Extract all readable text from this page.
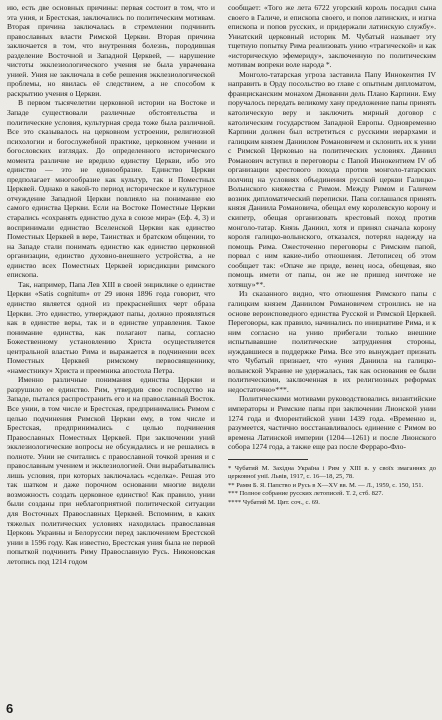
ию, есть две основных причины: первая состоит в том, что и эта уния, и Брестская, заключались по политическим мотивам. Вторая причина заключалась в стремлении подчинить православных власти Римской Церкви. Вторая причина заключается в том, что внутренняя болезнь, породившая разделение Восточной и Западной Церквей, — нарушение чистоты экклезиологического учения не была уврачевана унией. Уния не заключала в себе решения экклезиологической проблемы, но явилась её следствием, а не способом к раскрытию учения о Церкви.

В первом тысячелетии церковной истории на Востоке и Западе существовали различные обстоятельства и политические условия, культурная среда тоже была различной. Все это сказывалось на церковном устроении, религиозной психологии и богослужебной практике, церковном учении и богословских взглядах. До определенного исторического момента различие не вредило единству Церкви, ибо это единство — это не единообразие. Единство Церкви предполагает многообразие как культур, так и Поместных Церквей. Однако в какой-то период историческое и культурное отчуждение Западной Церкви повлияло на понимание ею самого единства Церкви. Если на Востоке Поместные Церкви старались «сохранять единство духа в союзе мира» (Еф. 4, 3) и воспринимали единство Вселенской Церкви как единство Поместных Церквей в вере, Таинствах и братском общении, то на Западе стали понимать единство как единство церковной организации, единство духовно-внешнего устройства, а не единство всех Поместных Церквей юрисдикции римского епископа.

Так, например, Папа Лев XIII в своей энциклике о единстве Церкви «Satis cognitum» от 29 июня 1896 года говорит, что единство является одной из прекраснейших черт образа Церкви. Это единство, утверждают папы, должно проявляться как в единстве веры, так и в единстве управления. Такое понимание единства, как полагают папы, согласно Божественному установлению Христа осуществляется центральной властью Рима и выражается в подчинении всех Поместных Церквей римскому первосвященнику, «наместнику» Христа и преемника апостола Петра.

Именно различные понимания единства Церкви и разрушило ее единство. Рим, утвердив свое господство на Западе, пытался распространить его и на православный Восток. Все унии, в том числе и Брестская, предпринимались Римом с целью подчинения Римской Церкви ему, в том числе и Брестская, предпринимались с целью подчинения Православных Поместных Церквей. При заключении уний экклезиологические вопросы не обсуждались и не решались в полноте. Унии не считались с православной точкой зрения и с православным учением и экклезиологией. Они вырабатывались лишь условия, при которых заключалась «сделка». Решая это так шатком и даже порочном основании многие видели возможность создать церковное единство! Как правило, унии были созданы при неблагоприятной политической ситуации для Восточных Православных Церквей. Вспомним, в каких тяжелых политических условиях находилась православная Церковь Украины и Белоруссии перед заключением Брестской унии в 1596 году. Как известно, Брестская уния была не первой попыткой подчинить Риму Православную Русь. Никоновская летопись под 1214 годом

сообщает: «Того же лета 6722 угорский король посадил сына своего в Галиче, и епископа своего, и попов латинских, и изгна епископа и попов русских, и придержали латинскую службу». Униатский церковный историк М. Чубатый называет эту тщетную попытку Рима реализовать унию «трагической» и как «историческую эфемериду», заключенную по политическим мотивам вопреки воле народа *.

Монголо-татарская угроза заставила Папу Иннокентия IV направить в Орду посольство во главе с опытным дипломатом, францисканским монахом Джованни дель Плано Карпини. Ему поручалось передать великому хану предложение папы принять католическую веру и заключить мирный договор с католическим государством Западной Европы. Одновременно Карпини должен был встретиться с русскими иерархами и галицким князем Даниилом Романовичем и склонить их к унии с Римской Церковью на политических условиях. Даниил Романович вступил в переговоры с Папой Иннокентием IV об организации крестового похода против монголо-татарских полчищ на условиях объединения русской церкви Галицко-Волынского княжества с Римом. Между Римом и Галичем возник дипломатический переписки. Папа соглашался принять князя Даниила Романовича, обещал ему королевскую корону и скипетр, обещая организовать крестовый поход против монголо-татар. Князь Даниил, хотя и принял сначала корону короля галицко-волынского, отказался, потерял надежду на помощь Рима. Ожесточенно переговоры с Римским папой, порвал с ним какие-либо отношения. Летописец об этом сообщает так: «Опаче же приде, венец носа, обещевая, яко помощь имети от папы, он же не пришед ничтоже не хотящу»**.

Из сказанного видно, что отношения Римского папы с галицким князем Даниилом Романовичем строились не на основе вероисповедного единства Русской и Римской Церквей. Переговоры, как правило, начинались по инициативе Рима, и к ним согласно на унию прибегали только внешние испытывавшие политические затруднения стороны, нуждавшиеся в поддержке Рима. Все это вынуждает признать что Чубатый признает, что «уния Даниила на галицко-волынской Украине не удержалась, так как основания ее были политическими, заключенная в их религиозных реформах недостаточно»***.

Политическими мотивами руководствовались византийские императоры и Римские папы при заключении Лионской унии 1274 года и Флорентийской унии 1439 года. «Временно и, разумеется, частично восстанавливалось единение с Римом во времена Латинской империи (1204—1261) и после Лионского собора 1274 года, а также еще раз после Феррарo-Фло-

* Чубатий М. Західна Україна і Рим у XIII в. у своїх змаганнях до церковної унії. Львів, 1917, с. 16—18, 25, 78.

** Рамм Б. Я. Папство и Русь в Х—XV вв. М. — Л., 1959, с. 150, 151.

*** Полное собрание русских летописей. Т. 2, стб. 827.

**** Чубатий М. Цит. соч., с. 69.

6
